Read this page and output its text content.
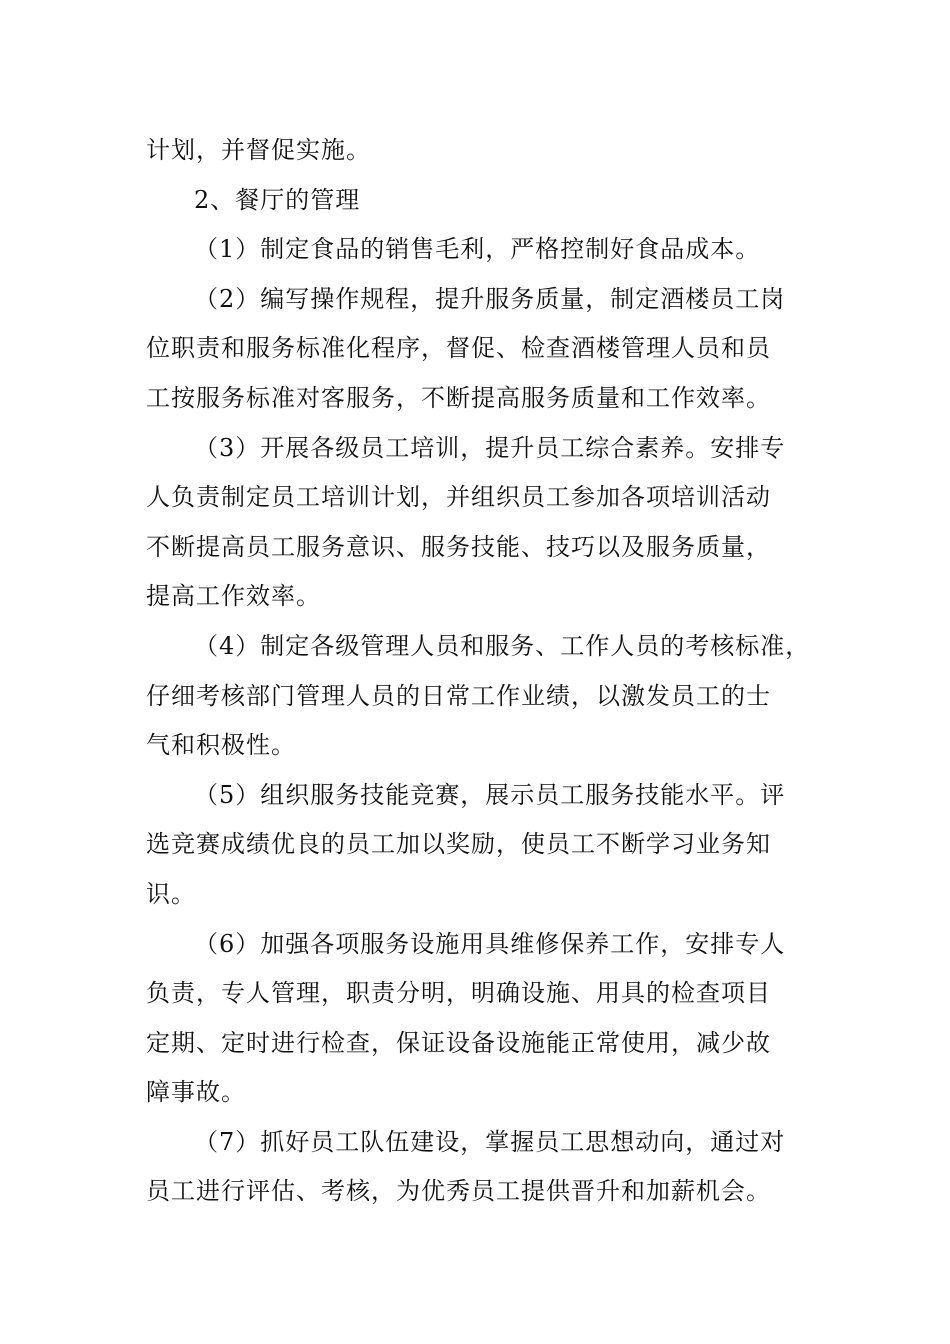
计划，并督促实施。
2、餐厅的管理
（1）制定食品的销售毛利，严格控制好食品成本。
（2）编写操作规程，提升服务质量，制定酒楼员工岗
位职责和服务标准化程序，督促、检查酒楼管理人员和员
工按服务标准对客服务，不断提高服务质量和工作效率。
（3）开展各级员工培训，提升员工综合素养。安排专
人负责制定员工培训计划，并组织员工参加各项培训活动
不断提高员工服务意识、服务技能、技巧以及服务质量，
提高工作效率。
（4）制定各级管理人员和服务、工作人员的考核标准，
仔细考核部门管理人员的日常工作业绩，以激发员工的士
气和积极性。
（5）组织服务技能竞赛，展示员工服务技能水平。评
选竞赛成绩优良的员工加以奖励，使员工不断学习业务知
识。
（6）加强各项服务设施用具维修保养工作，安排专人
负责，专人管理，职责分明，明确设施、用具的检查项目
定期、定时进行检查，保证设备设施能正常使用，减少故
障事故。
（7）抓好员工队伍建设，掌握员工思想动向，通过对
员工进行评估、考核，为优秀员工提供晋升和加薪机会。
